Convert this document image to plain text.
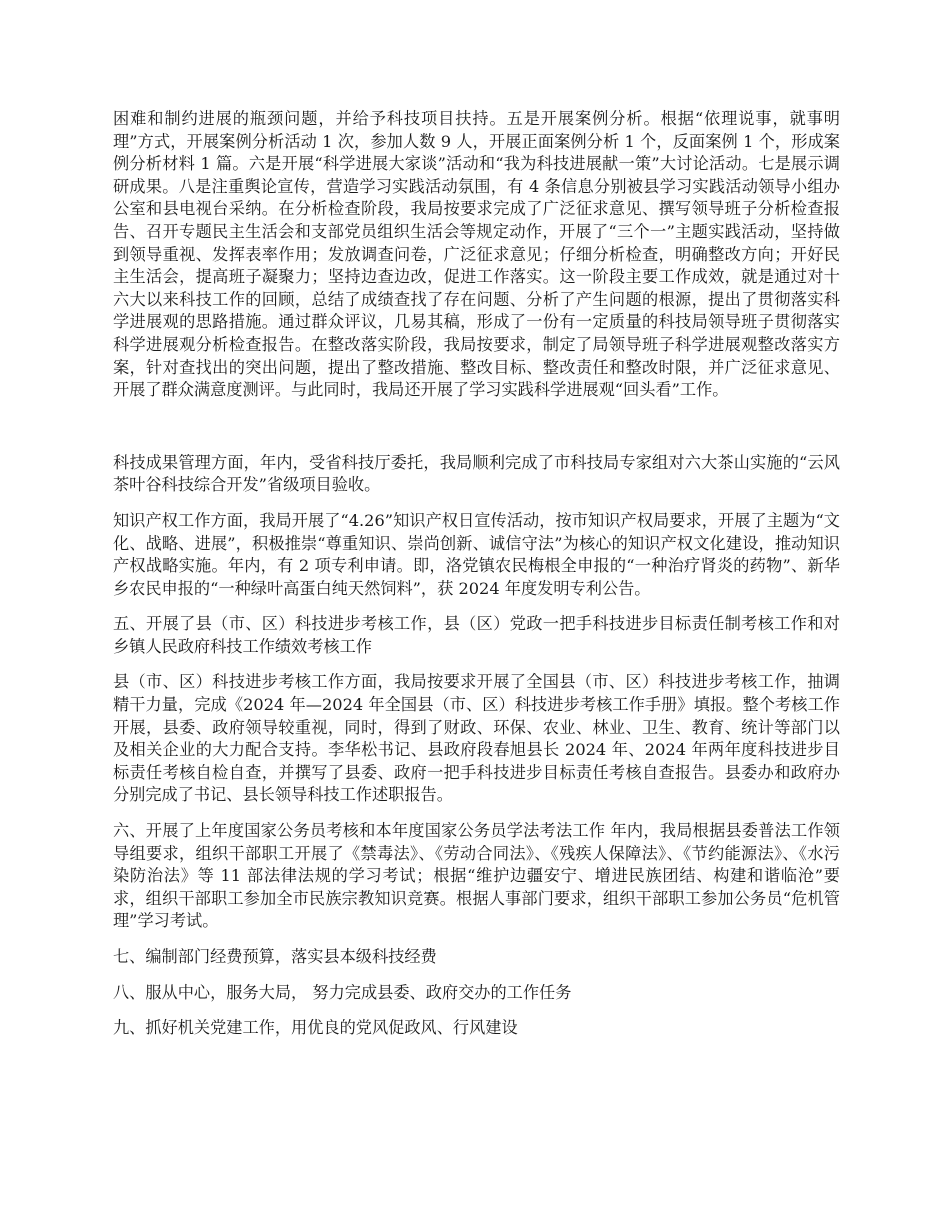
困难和制约进展的瓶颈问题，并给予科技项目扶持。五是开展案例分析。根据“依理说事，就事明理”方式，开展案例分析活动 1 次，参加人数 9 人，开展正面案例分析 1 个，反面案例 1 个，形成案例分析材料 1 篇。六是开展“科学进展大家谈”活动和“我为科技进展献一策”大讨论活动。七是展示调研成果。八是注重舆论宣传，营造学习实践活动氛围，有 4 条信息分别被县学习实践活动领导小组办公室和县电视台采纳。在分析检查阶段，我局按要求完成了广泛征求意见、撰写领导班子分析检查报告、召开专题民主生活会和支部党员组织生活会等规定动作，开展了“三个一”主题实践活动，坚持做到领导重视、发挥表率作用；发放调查问卷，广泛征求意见；仔细分析检查，明确整改方向；开好民主生活会，提高班子凝聚力；坚持边查边改，促进工作落实。这一阶段主要工作成效，就是通过对十六大以来科技工作的回顾，总结了成绩查找了存在问题、分析了产生问题的根源，提出了贯彻落实科学进展观的思路措施。通过群众评议，几易其稿，形成了一份有一定质量的科技局领导班子贯彻落实科学进展观分析检查报告。在整改落实阶段，我局按要求，制定了局领导班子科学进展观整改落实方案，针对查找出的突出问题，提出了整改措施、整改目标、整改责任和整改时限，并广泛征求意见、开展了群众满意度测评。与此同时，我局还开展了学习实践科学进展观“回头看”工作。

科技成果管理方面，年内，受省科技厅委托，我局顺利完成了市科技局专家组对六大茶山实施的“云风茶叶谷科技综合开发”省级项目验收。

知识产权工作方面，我局开展了“4.26”知识产权日宣传活动，按市知识产权局要求，开展了主题为“文化、战略、进展”，积极推崇“尊重知识、崇尚创新、诚信守法”为核心的知识产权文化建设，推动知识产权战略实施。年内，有 2 项专利申请。即，洛党镇农民梅根全申报的“一种治疗肾炎的药物”、新华乡农民申报的“一种绿叶高蛋白纯天然饲料”，获 2024 年度发明专利公告。

五、开展了县（市、区）科技进步考核工作，县（区）党政一把手科技进步目标责任制考核工作和对乡镇人民政府科技工作绩效考核工作

县（市、区）科技进步考核工作方面，我局按要求开展了全国县（市、区）科技进步考核工作，抽调精干力量，完成《2024 年—2024 年全国县（市、区）科技进步考核工作手册》填报。整个考核工作开展，县委、政府领导较重视，同时，得到了财政、环保、农业、林业、卫生、教育、统计等部门以及相关企业的大力配合支持。李华松书记、县政府段春旭县长 2024 年、2024 年两年度科技进步目标责任考核自检自查，并撰写了县委、政府一把手科技进步目标责任考核自查报告。县委办和政府办分别完成了书记、县长领导科技工作述职报告。

六、开展了上年度国家公务员考核和本年度国家公务员学法考法工作 年内，我局根据县委普法工作领导组要求，组织干部职工开展了《禁毒法》、《劳动合同法》、《残疾人保障法》、《节约能源法》、《水污染防治法》等 11 部法律法规的学习考试；根据“维护边疆安宁、增进民族团结、构建和谐临沧”要求，组织干部职工参加全市民族宗教知识竞赛。根据人事部门要求，组织干部职工参加公务员“危机管理”学习考试。

七、编制部门经费预算，落实县本级科技经费

八、服从中心，服务大局， 努力完成县委、政府交办的工作任务

九、抓好机关党建工作，用优良的党风促政风、行风建设
